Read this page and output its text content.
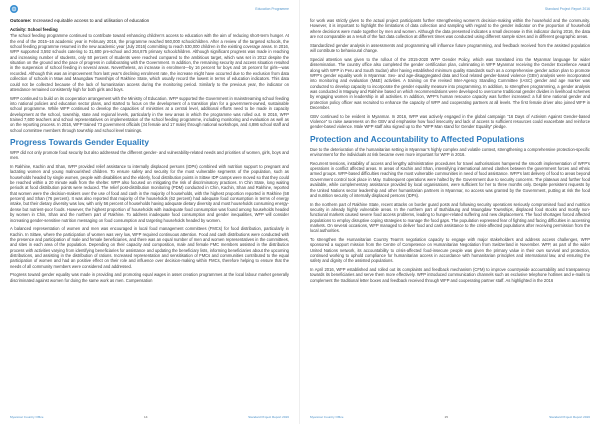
Education Programme
Outcome: Increased equitable access to and utilisation of education
Activity: School feeding

The school feeding programme continued to contribute toward enhancing children’s access to education with the aim of reducing short-term hunger. At the end of the 2015–16 academic year in February 2016, the programme reached 560,000 schoolchildren. After a review of the targeted schools, the school feeding programme resumed in the new academic year (July 2016) committing to reach 530,000 children in the existing coverage areas. In 2016, WFP supported 3,592 schools catering to 31,600 pre-school and 264,875 primary schoolchildren. Although significant progress was made in reaching and increasing number of students, only 50 percent of students were reached compared to the ambitious target, which was set in 2012 despite the situation on the ground and the pace of progress in collaborating with the Government. In addition, the remaining security and access situation resulted in the suspension of school feeding in several areas. Nevertheless, an increase in enrolment—by 16 percent for boys and 16 percent for girls—was recorded. Although this was an improvement from last year’s declining enrolment rate, the increase might have occurred due to the exclusion from data collection of schools in Maw and Maungdaw Townships of Rakhine State, which usually record the lowest in terms of education indicators. This data could not be collected because of the lack of humanitarian access during the monitoring period. Similarly to the previous year, the indicator on attendance remained consistently high for both girls and boys.

WFP continued to build on its cooperation arrangement with the Ministry of Education. WFP supported the Government in mainstreaming school feeding into national policies and education sector plans, and started to focus on the development of a transition plan for a government-owned, sustainable school programme. While WFP continued to develop the capacities of ministries at a central level, additional efforts need to be made in capacity development at the school, township, state and regional levels, particularly in the new areas in which the programme was rolled out. In 2016, WFP trained 7,600 teachers and school representatives on implementation of the school feeding programme, including monitoring and evaluation as well as on the reporting process. In 2016, WFP trained 73 government officials (34 female and 17 male) through national workshops, and 4,886 school staff and school committee members through township and school level trainings.

Progress Towards Gender Equality

WFP did not only promote food security but also addressed the different gender- and vulnerability-related needs and priorities of women, girls, boys and men.

In Rakhine, Kachin and Shan, WFP provided relief assistance to internally displaced persons (IDPs) combined with nutrition support to pregnant and lactating women and young malnourished children. To ensure safety and security for the most vulnerable segments of the population, such as households headed by single women, people with disabilities and the elderly, food distribution points in Sittwe IDP camps were moved so that they could be reached within a 20 minute walk from the shelter. WFP also focused on mitigating the risk of discriminatory practices. In Chin State, long waiting periods at food distribution points were reduced. The relief post-distribution monitoring (PDM) conducted in Chin, Kachin, Shan and Rakhine, reported that women were the decision-makers over the use of food and cash in the majority of households, with the highest proportion reported in Rakhine (58 percent) and Shan (76 percent). It was also reported that majority of the households (62 percent) had adequate food consumption in terms of energy intake, but their dietary diversity was low, with only 56 percent of households having adequate dietary diversity and most households consuming energy-dense but nutrient-poor foods. However, the highest proportion of households with inadequate food consumption was found among households headed by women in Chin, Shan and the northern part of Rakhine. To address inadequate food consumption and gender inequalities, WFP will consider increasing gender-sensitive nutrition messaging on food consumption and targeting households headed by women.

A balanced representation of women and men was encouraged in local food management committees (FMCs) for food distribution, particularly in Kachin. In Sittwe, where the participation of women was very low, WFP required continuous attention. Food and cash distributions were conducted with the presence and participation of male and female beneficiaries, and there was an equal number of men and women representatives in the committees, and sites in each area of the population. Depending on their capacity and composition, male and female FMC members assisted in the distribution process with activities varying from identifying beneficiaries for assistance and updating the beneficiary lists, informing beneficiaries about the upcoming distributions, and assisting in the distribution of rations. Increased representation and sensitisation of FMCs and communities contributed to the equal participation of women and had an positive effect on their role and influence over decision-making within FMCs, therefore helping to ensure that the needs of all community members were considered and addressed.

Progress toward gender equality was made in providing and promoting equal wages in asset creation programmes at the local labour market generally discriminated against women for doing the same work as men. Compensation

Myanmar Country Office	14	Standard Project Report 2016
Standard Project Report 2016

for work was strictly given to the actual project participants further strengthening women’s decision-making within the household and the community. However, it is important to highlight the limitations of data collection and sampling with regard to the gender indicator on the proportion of household where decisions were made together by men and women. Although the data presented indicates a small decrease in this indicator during 2016, the data are not comparable as a result of the fact data collection at different times was conducted using different sample sizes and in different geographic areas.

Standardized gender analysis in assessments and programming will influence future programming, and feedback received from the assisted population will contribute to behavioural change.

Special attention was given to the rollout of the 2015-2020 WFP Gender Policy, which was translated into the Myanmar language for wider dissemination. The country office also completed the gender certification plan, culminating in WFP Myanmar receiving the Gender Excellence Award along with WFP in Peru and South Sudan) after having established minimum quality standards such as a comprehensive gender action plan to promote WFP’s gender equality work in Myanmar. Sex- and age-disaggregated data and food related gender-based violence (GBV) analysis were incorporated into monitoring and evaluation (M&E) activities. A training on the revised Inter-Agency Standing Committee (IASC) gender and age marker was conducted to develop capacity to incorporate the gender equality measure into programming. In addition, to strengthen programming, a gender analysis was conducted in Magway and Rakhine based on which recommendations were developed to overcome traditional gender divides in livelihood schemes by engaging women in leadership in all activities. In addition, WFP’s human resource capacity was further increased: a full time national gender and protection policy officer was recruited to enhance the capacity of WFP and cooperating partners at all levels. The first female driver also joined WFP in December.

GBV continued to be evident in Myanmar. In 2016, WFP was actively engaged in the global campaign “16 Days of Activism Against Gender-based Violence” to raise awareness on the GBV and emphasise how food insecurity and lack of access to sufficient resources could exacerbate and reinforce gender-based violence. Male WFP staff also signed up to the “WFP Man stand for Gender Equality” pledge.

Protection and Accountability to Affected Populations

Due to the deterioration of the humanitarian setting in Myanmar’s highly complex and volatile context, strengthening a comprehensive protection-specific environment for the individuals at risk became even more important for WFP in 2016.

Recurrent tensions, instability of access and lengthy administrative procedures for travel authorisations hampered the smooth implementation of WFP’s operations in conflict affected areas. In areas of Kachin and Shan, intensifying international armed clashes between the government forces and ethnic armed groups. WFP-based difficulties reaching the most vulnerable communities in need of food assistance. WFP’s last delivery of food to areas beyond Government control took place in May. Subsequent operations were halted by the Government due to security concerns. The plateaus and further food available, while complementary assistance provided by local organisations, were sufficient for her to three months only. Despite persistent requests by the United Nations sector leadership and other humanitarian partners in Myanmar, no access was granted by the Government, putting at risk the food and nutrition security of internally displaced persons (IDPs).

In the northern part of Rakhine State, recent attacks on border guard posts and following security operations seriously compromised food and nutrition security in already highly vulnerable areas. In the northern part of Buthidaung and Maungdaw Townships, displaced food stocks and mostly non-functional markets caused severe food access problems, leading to hunger-related suffering and new displacement. The food shortages forced affected populations to employ disruptive coping strategies to manage the food gaps. The population expressed fear of fighting and facing difficulties in accessing markets. On several occasions, WFP managed to deliver food and cash assistance to the crisis-affected populations after receiving permission from the local authorities.

To strengthen the Humanitarian Country Team’s negotiation capacity to engage with major stakeholders and address access challenges, WFP sponsored a support mission from the Centre of Competence on Humanitarian Negotiation from Switzerland in November. WFP, as part of the wider United Nations network, its accountability to crisis-affected food-insecure people was given the primary value in their own survival and protection, continued working to uphold compliance for humanitarian access in accordance with humanitarian principles and international law, and ensuring the safety and dignity of the assisted populations.

In April 2016, WFP established and rolled out its complaints and feedback mechanism (CFM) to improve countrywide accountability and transparency towards its beneficiaries and serve them more effectively. WFP introduced communication channels such as exclusive telephone hotlines and e-mails to complement the traditional letter boxes and feedback received through WFP and cooperating partner staff. As highlighted in the 2016

Myanmar Country Office	15	Standard Project Report 2016
